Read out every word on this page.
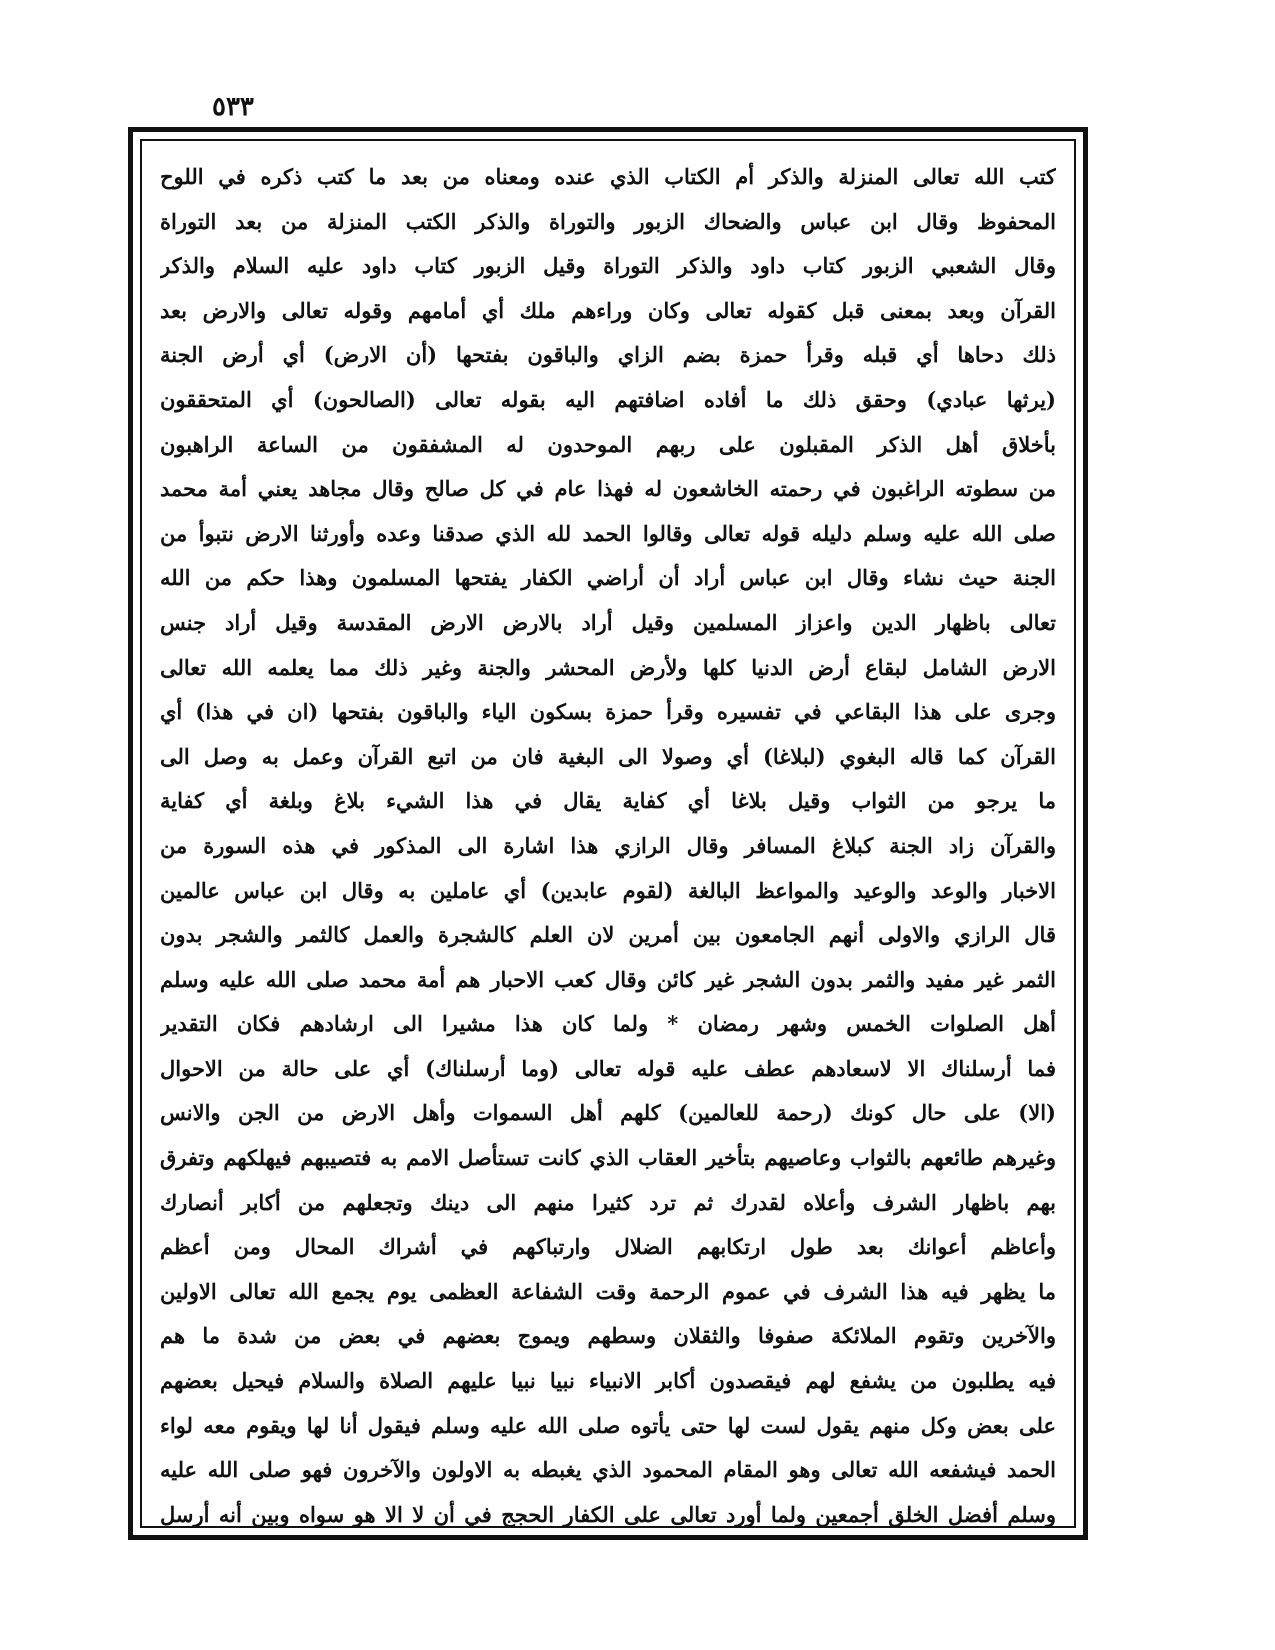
٥٣٣
كتب الله تعالى المنزلة والذكر أم الكتاب الذي عنده ومعناه من بعد ما كتب ذكره في اللوح
المحفوظ وقال ابن عباس والضحاك الزبور والتوراة والذكر الكتب المنزلة من بعد التوراة
وقال الشعبي الزبور كتاب داود والذكر التوراة وقيل الزبور كتاب داود عليه السلام والذكر
القرآن وبعد بمعنى قبل كقوله تعالى وكان وراءهم ملك أي أمامهم وقوله تعالى والارض بعد
ذلك دحاها أي قبله وقرأ حمزة بضم الزاي والباقون بفتحها (أن الارض) أي أرض الجنة
(يرثها عبادي) وحقق ذلك ما أفاده اضافتهم اليه بقوله تعالى (الصالحون) أي المتحققون
بأخلاق أهل الذكر المقبلون على ربهم الموحدون له المشفقون من الساعة الراهبون
من سطوته الراغبون في رحمته الخاشعون له فهذا عام في كل صالح وقال مجاهد يعني أمة محمد
صلى الله عليه وسلم دليله قوله تعالى وقالوا الحمد لله الذي صدقنا وعده وأورثنا الارض نتبوأ من
الجنة حيث نشاء وقال ابن عباس أراد أن أراضي الكفار يفتحها المسلمون وهذا حكم من الله
تعالى باظهار الدين واعزاز المسلمين وقيل أراد بالارض الارض المقدسة وقيل أراد جنس
الارض الشامل لبقاع أرض الدنيا كلها ولأرض المحشر والجنة وغير ذلك مما يعلمه الله تعالى
وجرى على هذا البقاعي في تفسيره وقرأ حمزة بسكون الياء والباقون بفتحها (ان في هذا) أي
القرآن كما قاله البغوي (لبلاغا) أي وصولا الى البغية فان من اتبع القرآن وعمل به وصل الى
ما يرجو من الثواب وقيل بلاغا أي كفاية يقال في هذا الشيء بلاغ وبلغة أي كفاية
والقرآن زاد الجنة كبلاغ المسافر وقال الرازي هذا اشارة الى المذكور في هذه السورة من
الاخبار والوعد والوعيد والمواعظ البالغة (لقوم عابدين) أي عاملين به وقال ابن عباس عالمين
قال الرازي والاولى أنهم الجامعون بين أمرين لان العلم كالشجرة والعمل كالثمر والشجر بدون
الثمر غير مفيد والثمر بدون الشجر غير كائن وقال كعب الاحبار هم أمة محمد صلى الله عليه وسلم
أهل الصلوات الخمس وشهر رمضان * ولما كان هذا مشيرا الى ارشادهم فكان التقدير
فما أرسلناك الا لاسعادهم عطف عليه قوله تعالى (وما أرسلناك) أي على حالة من الاحوال
(الا) على حال كونك (رحمة للعالمين) كلهم أهل السموات وأهل الارض من الجن والانس
وغيرهم طائعهم بالثواب وعاصيهم بتأخير العقاب الذي كانت تستأصل الامم به فتصيبهم فيهلكهم وتفرق
بهم باظهار الشرف وأعلاه لقدرك ثم ترد كثيرا منهم الى دينك وتجعلهم من أكابر أنصارك
وأعاظم أعوانك بعد طول ارتكابهم الضلال وارتباكهم في أشراك المحال ومن أعظم
ما يظهر فيه هذا الشرف في عموم الرحمة وقت الشفاعة العظمى يوم يجمع الله تعالى الاولين
والآخرين وتقوم الملائكة صفوفا والثقلان وسطهم ويموج بعضهم في بعض من شدة ما هم
فيه يطلبون من يشفع لهم فيقصدون أكابر الانبياء نبيا نبيا عليهم الصلاة والسلام فيحيل بعضهم
على بعض وكل منهم يقول لست لها حتى يأتوه صلى الله عليه وسلم فيقول أنا لها ويقوم معه لواء
الحمد فيشفعه الله تعالى وهو المقام المحمود الذي يغبطه به الاولون والآخرون فهو صلى الله عليه
وسلم أفضل الخلق أجمعين ولما أورد تعالى على الكفار الحجج في أن لا الا هو سواه وبين أنه أرسل
